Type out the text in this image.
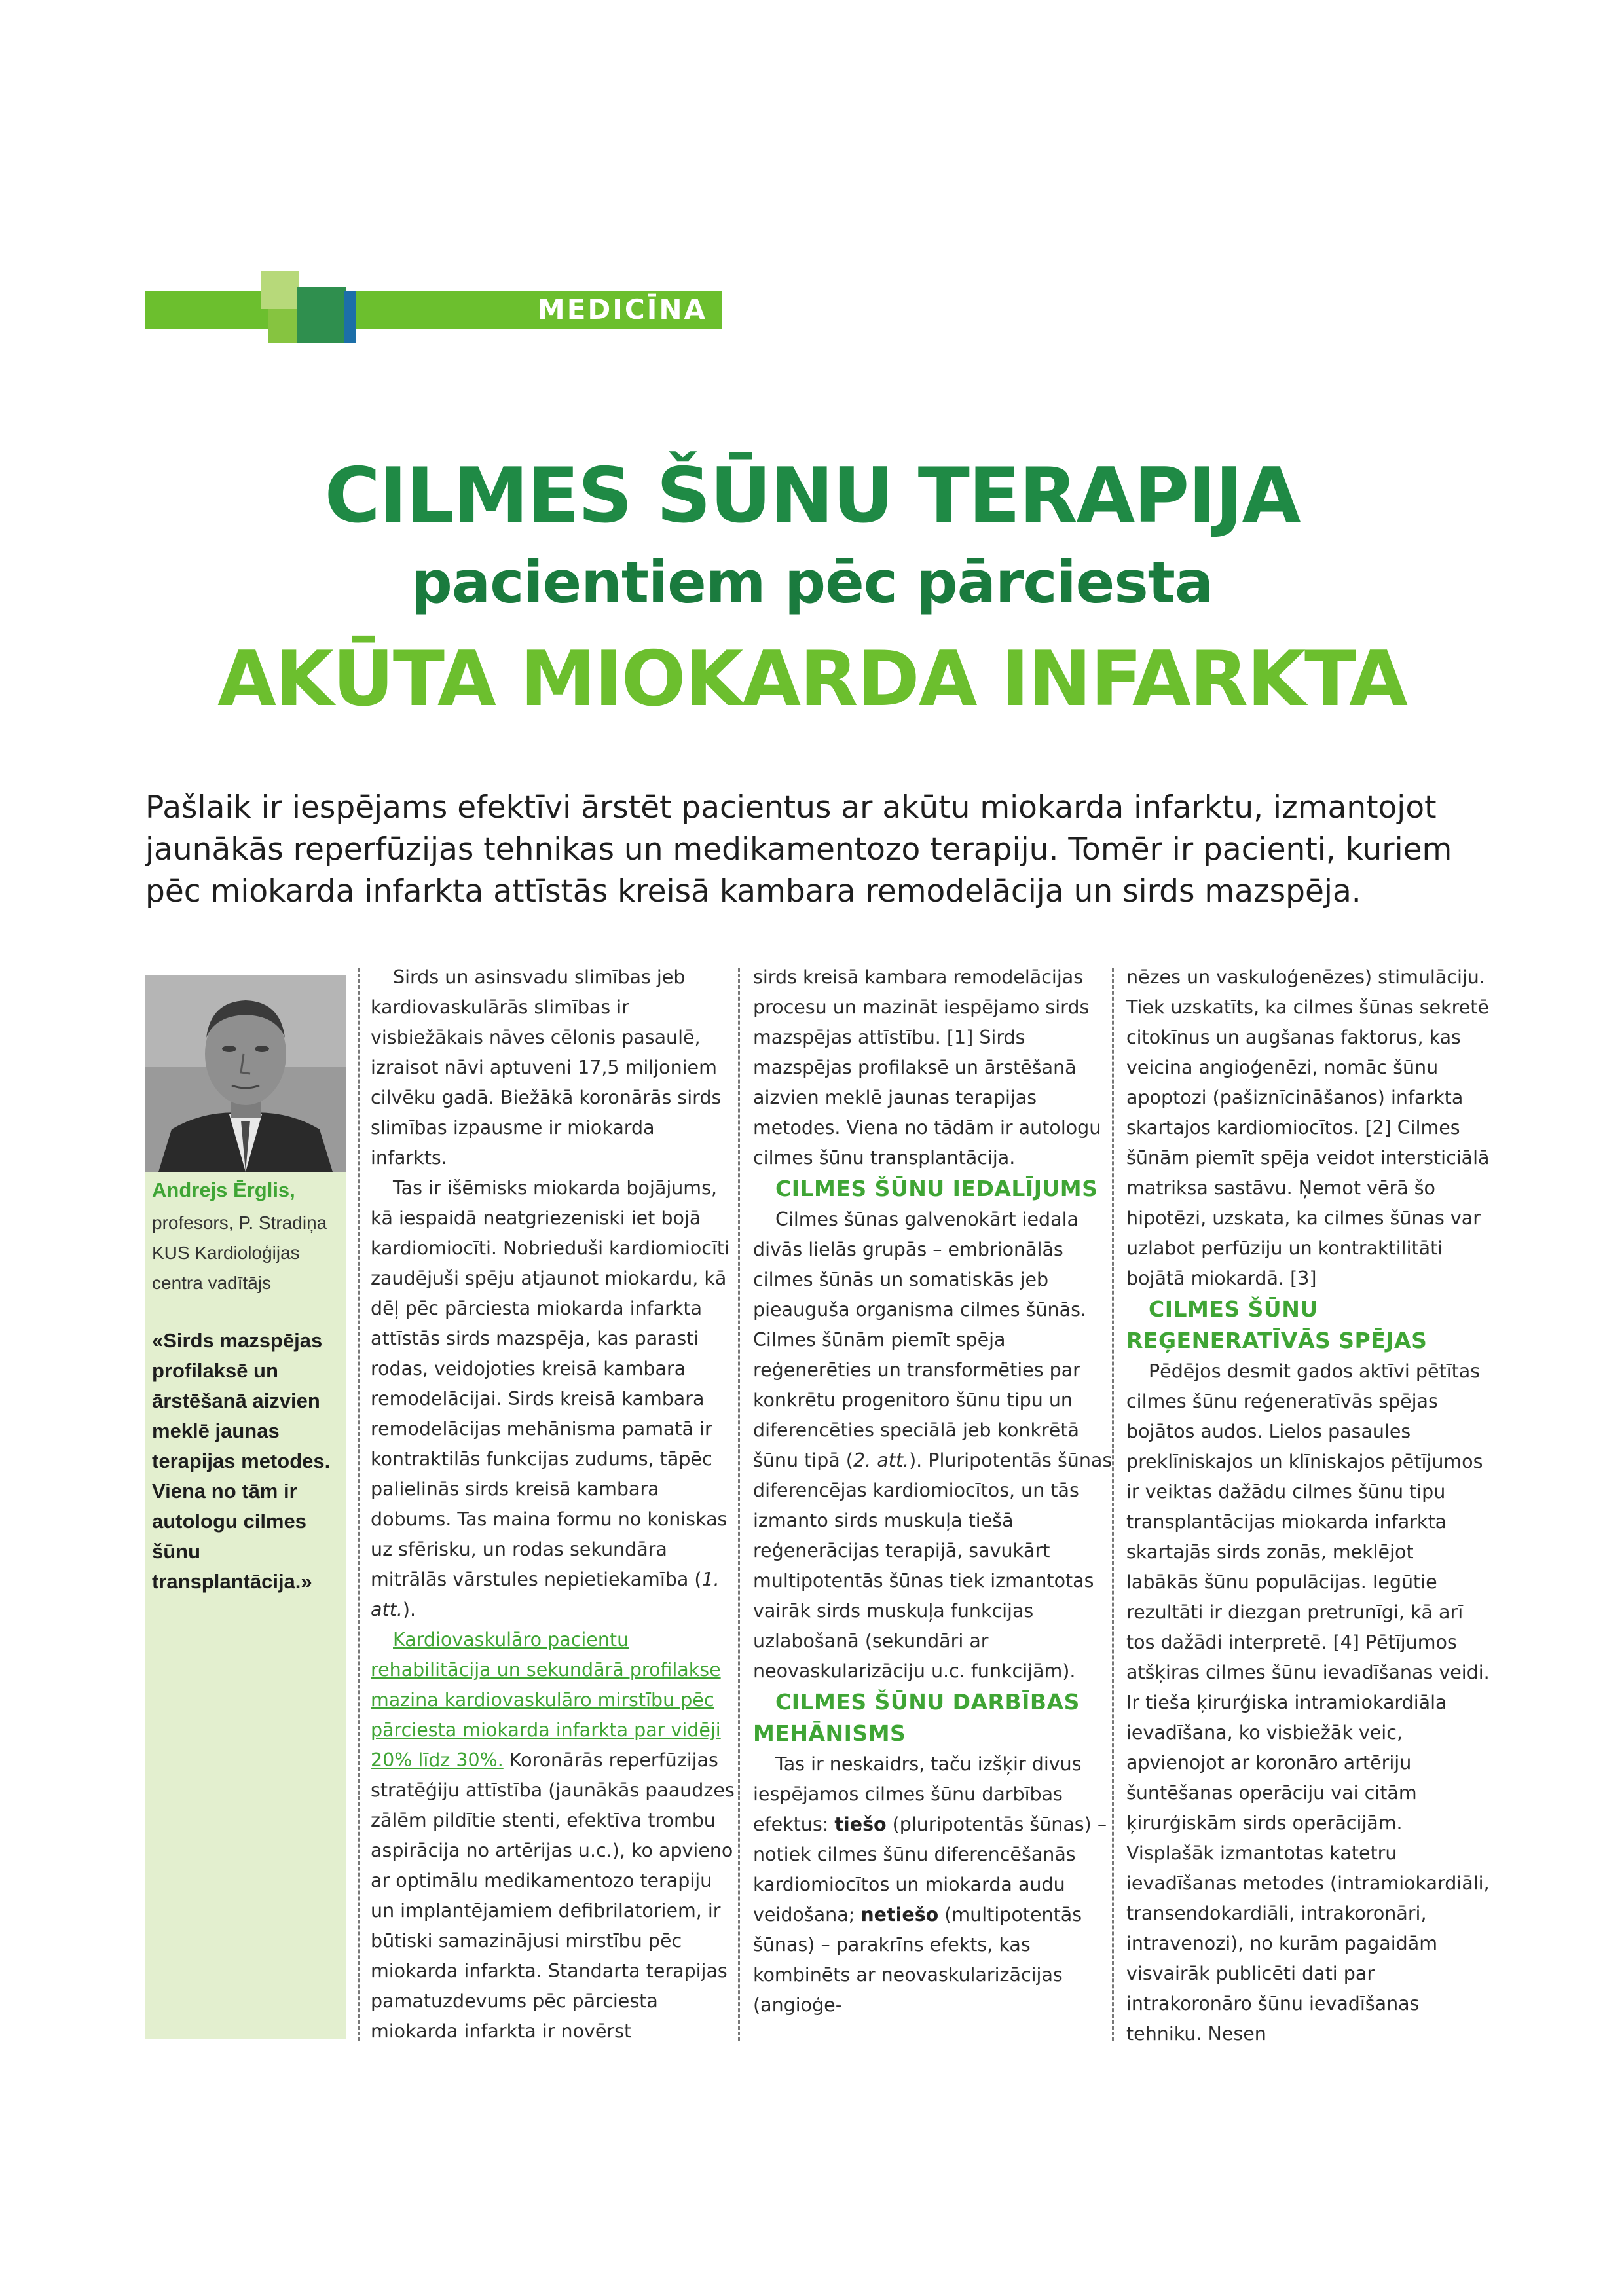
MEDICĪNA
CILMES ŠŪNU TERAPIJA
pacientiem pēc pārciesta
AKŪTA MIOKARDA INFARKTA
Pašlaik ir iespējams efektīvi ārstēt pacientus ar akūtu miokarda infarktu, izmantojot jaunākās reperfūzijas tehnikas un medikamentozo terapiju. Tomēr ir pacienti, kuriem pēc miokarda infarkta attīstās kreisā kambara remodelācija un sirds mazspēja.
Andrejs Ērglis,
profesors, P. Stradiņa KUS Kardioloģijas centra vadītājs
«Sirds mazspējas profilaksē un ārstēšanā aizvien meklē jaunas terapijas metodes. Viena no tām ir autologu cilmes šūnu transplantācija.»

Sirds un asinsvadu slimības jeb kardiovaskulārās slimības ir visbiežākais nāves cēlonis pasaulē, izraisot nāvi aptuveni 17,5 miljoniem cilvēku gadā. Biežākā koronārās sirds slimības izpausme ir miokarda infarkts.

Tas ir išēmisks miokarda bojājums, kā iespaidā neatgriezeniski iet bojā kardiomiocīti. Nobrieduši kardiomiocīti zaudējuši spēju atjaunot miokardu, kā dēļ pēc pārciesta miokarda infarkta attīstās sirds mazspēja, kas parasti rodas, veidojoties kreisā kambara remodelācijai. Sirds kreisā kambara remodelācijas mehānisma pamatā ir kontraktilās funkcijas zudums, tāpēc palielinās sirds kreisā kambara dobums. Tas maina formu no koniskas uz sfērisku, un rodas sekundāra mitrālās vārstules nepietiekamība (1. att.).

Kardiovaskulāro pacientu rehabilitācija un sekundārā profilakse mazina kardiovaskulāro mirstību pēc pārciesta miokarda infarkta par vidēji 20% līdz 30%. Koronārās reperfūzijas stratēģiju attīstība (jaunākās paaudzes zālēm pildītie stenti, efektīva trombu aspirācija no artērijas u.c.), ko apvieno ar optimālu medikamentozo terapiju un implantējamiem defibrilatoriem, ir būtiski samazinājusi mirstību pēc miokarda infarkta. Standarta terapijas pamatuzdevums pēc pārciesta miokarda infarkta ir novērst

sirds kreisā kambara remodelācijas procesu un mazināt iespējamo sirds mazspējas attīstību. [1] Sirds mazspējas profilaksē un ārstēšanā aizvien meklē jaunas terapijas metodes. Viena no tādām ir autologu cilmes šūnu transplantācija.

CILMES ŠŪNU IEDALĪJUMS

Cilmes šūnas galvenokārt iedala divās lielās grupās – embrionālās cilmes šūnās un somatiskās jeb pieauguša organisma cilmes šūnās. Cilmes šūnām piemīt spēja reģenerēties un transformēties par konkrētu progenitoro šūnu tipu un diferencēties speciālā jeb konkrētā šūnu tipā (2. att.). Pluripotentās šūnas diferencējas kardiomiocītos, un tās izmanto sirds muskuļa tiešā reģenerācijas terapijā, savukārt multipotentās šūnas tiek izmantotas vairāk sirds muskuļa funkcijas uzlabošanā (sekundāri ar neovaskularizāciju u.c. funkcijām).

CILMES ŠŪNU DARBĪBAS MEHĀNISMS

Tas ir neskaidrs, taču izšķir divus iespējamos cilmes šūnu darbības efektus: tiešo (pluripotentās šūnas) – notiek cilmes šūnu diferencēšanās kardiomiocītos un miokarda audu veidošana; netiešo (multipotentās šūnas) – parakrīns efekts, kas kombinēts ar neovaskularizācijas (angioģe-

nēzes un vaskuloģenēzes) stimulāciju. Tiek uzskatīts, ka cilmes šūnas sekretē citokīnus un augšanas faktorus, kas veicina angioģenēzi, nomāc šūnu apoptozi (pašiznīcināšanos) infarkta skartajos kardiomiocītos. [2] Cilmes šūnām piemīt spēja veidot intersticiālā matriksa sastāvu. Ņemot vērā šo hipotēzi, uzskata, ka cilmes šūnas var uzlabot perfūziju un kontraktilitāti bojātā miokardā. [3]

CILMES ŠŪNU REĢENERATĪVĀS SPĒJAS

Pēdējos desmit gados aktīvi pētītas cilmes šūnu reģeneratīvās spējas bojātos audos. Lielos pasaules preklīniskajos un klīniskajos pētījumos ir veiktas dažādu cilmes šūnu tipu transplantācijas miokarda infarkta skartajās sirds zonās, meklējot labākās šūnu populācijas. Iegūtie rezultāti ir diezgan pretrunīgi, kā arī tos dažādi interpretē. [4] Pētījumos atšķiras cilmes šūnu ievadīšanas veidi. Ir tieša ķirurģiska intramiokardiāla ievadīšana, ko visbiežāk veic, apvienojot ar koronāro artēriju šuntēšanas operāciju vai citām ķirurģiskām sirds operācijām. Visplašāk izmantotas katetru ievadīšanas metodes (intramiokardiāli, transendokardiāli, intrakoronāri, intravenozi), no kurām pagaidām visvairāk publicēti dati par intrakoronāro šūnu ievadīšanas tehniku. Nesen
